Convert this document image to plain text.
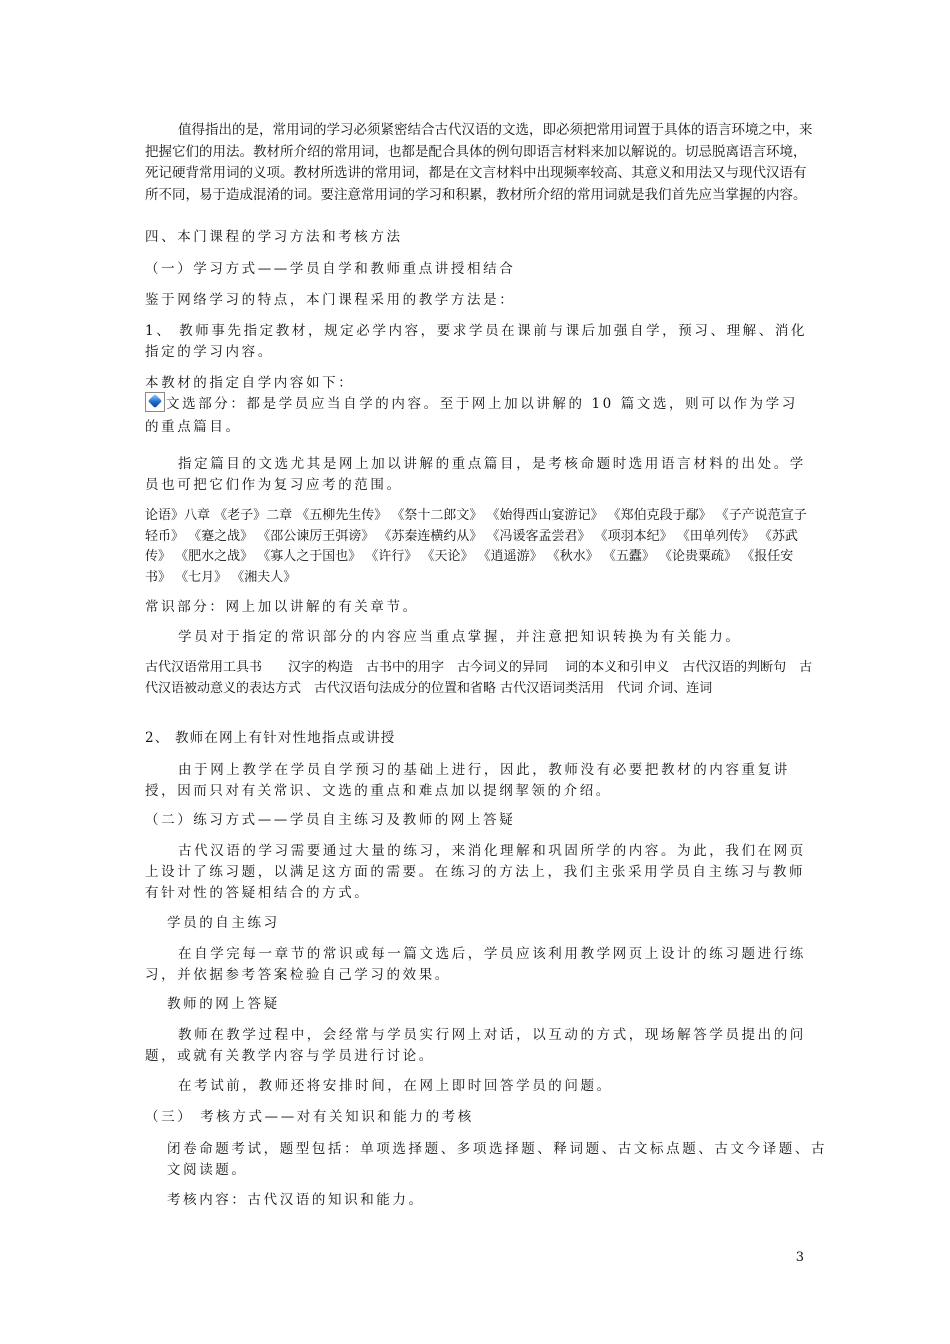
值得指出的是，常用词的学习必须紧密结合古代汉语的文选，即必须把常用词置于具体的语言环境之中，来把握它们的用法。教材所介绍的常用词，也都是配合具体的例句即语言材料来加以解说的。切忌脱离语言环境，死记硬背常用词的义项。教材所选讲的常用词，都是在文言材料中出现频率较高、其意义和用法又与现代汉语有所不同，易于造成混淆的词。要注意常用词的学习和积累，教材所介绍的常用词就是我们首先应当掌握的内容。

四、本门课程的学习方法和考核方法

（一）学习方式——学员自学和教师重点讲授相结合

鉴于网络学习的特点，本门课程采用的教学方法是：

1、 教师事先指定教材，规定必学内容，要求学员在课前与课后加强自学，预习、理解、消化指定的学习内容。

本教材的指定自学内容如下：

文选部分：都是学员应当自学的内容。至于网上加以讲解的 10 篇文选，则可以作为学习的重点篇目。

指定篇目的文选尤其是网上加以讲解的重点篇目，是考核命题时选用语言材料的出处。学员也可把它们作为复习应考的范围。

论语》八章 《老子》二章 《五柳先生传》 《祭十二郎文》 《始得西山宴游记》 《郑伯克段于鄢》 《子产说范宣子轻币》 《蹇之战》 《邵公谏厉王弭谤》 《苏秦连横约从》 《冯谖客孟尝君》 《项羽本纪》 《田单列传》 《苏武传》 《肥水之战》 《寡人之于国也》 《许行》 《天论》 《逍遥游》 《秋水》 《五蠹》 《论贵粟疏》 《报任安书》 《七月》 《湘夫人》

常识部分：网上加以讲解的有关章节。

学员对于指定的常识部分的内容应当重点掌握，并注意把知识转换为有关能力。

古代汉语常用工具书　　汉字的构造　古书中的用字　古今词义的异同　 词的本义和引申义　古代汉语的判断句　古代汉语被动意义的表达方式　古代汉语句法成分的位置和省略 古代汉语词类活用　代词 介词、连词

2、 教师在网上有针对性地指点或讲授

由于网上教学在学员自学预习的基础上进行，因此，教师没有必要把教材的内容重复讲授，因而只对有关常识、文选的重点和难点加以提纲挈领的介绍。

（二）练习方式——学员自主练习及教师的网上答疑

古代汉语的学习需要通过大量的练习，来消化理解和巩固所学的内容。为此，我们在网页上设计了练习题，以满足这方面的需要。在练习的方法上，我们主张采用学员自主练习与教师有针对性的答疑相结合的方式。

学员的自主练习

在自学完每一章节的常识或每一篇文选后，学员应该利用教学网页上设计的练习题进行练习，并依据参考答案检验自己学习的效果。

教师的网上答疑

教师在教学过程中，会经常与学员实行网上对话，以互动的方式，现场解答学员提出的问题，或就有关教学内容与学员进行讨论。

在考试前，教师还将安排时间，在网上即时回答学员的问题。

（三） 考核方式——对有关知识和能力的考核

闭卷命题考试，题型包括：单项选择题、多项选择题、释词题、古文标点题、古文今译题、古文阅读题。

考核内容：古代汉语的知识和能力。

3
